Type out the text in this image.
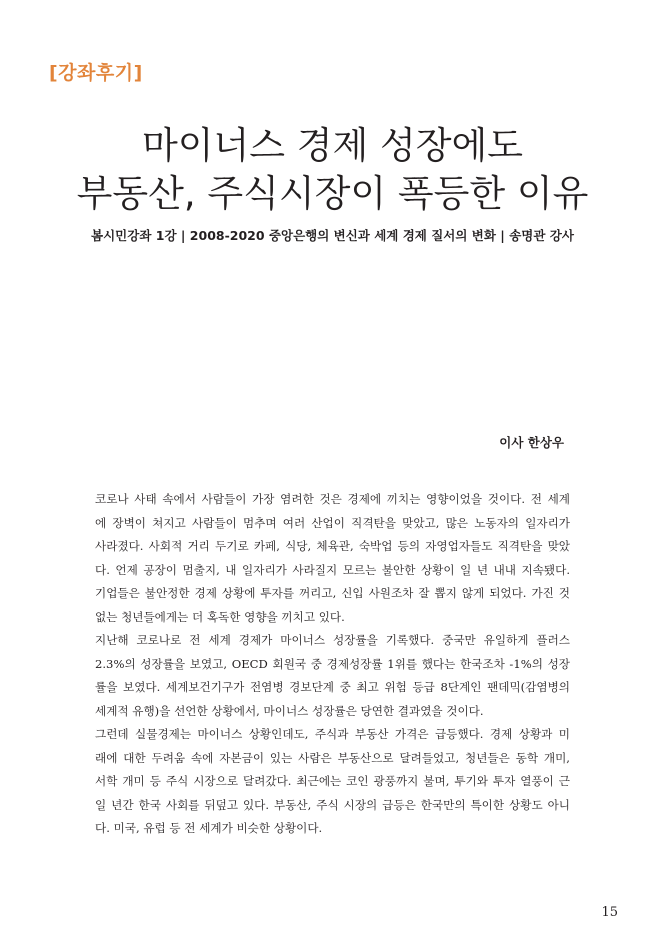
[강좌후기]
마이너스 경제 성장에도
부동산, 주식시장이 폭등한 이유
봄시민강좌 1강 | 2008-2020 중앙은행의 변신과 세계 경제 질서의 변화 | 송명관 강사
이사 한상우
코로나 사태 속에서 사람들이 가장 염려한 것은 경제에 끼치는 영향이었을 것이다. 전 세계
에 장벽이 쳐지고 사람들이 멈추며 여러 산업이 직격탄을 맞았고, 많은 노동자의 일자리가
사라졌다. 사회적 거리 두기로 카페, 식당, 체육관, 숙박업 등의 자영업자들도 직격탄을 맞았
다. 언제 공장이 멈출지, 내 일자리가 사라질지 모르는 불안한 상황이 일 년 내내 지속됐다.
기업들은 불안정한 경제 상황에 투자를 꺼리고, 신입 사원조차 잘 뽑지 않게 되었다. 가진 것
없는 청년들에게는 더 혹독한 영향을 끼치고 있다.
지난해 코로나로 전 세계 경제가 마이너스 성장률을 기록했다. 중국만 유일하게 플러스
2.3%의 성장률을 보였고, OECD 회원국 중 경제성장률 1위를 했다는 한국조차 -1%의 성장
률을 보였다. 세계보건기구가 전염병 경보단계 중 최고 위험 등급 8단계인 팬데믹(감염병의
세계적 유행)을 선언한 상황에서, 마이너스 성장률은 당연한 결과였을 것이다.
그런데 실물경제는 마이너스 상황인데도, 주식과 부동산 가격은 급등했다. 경제 상황과 미
래에 대한 두려움 속에 자본금이 있는 사람은 부동산으로 달려들었고, 청년들은 동학 개미,
서학 개미 등 주식 시장으로 달려갔다. 최근에는 코인 광풍까지 불며, 투기와 투자 열풍이 근
일 년간 한국 사회를 뒤덮고 있다. 부동산, 주식 시장의 급등은 한국만의 특이한 상황도 아니
다. 미국, 유럽 등 전 세계가 비슷한 상황이다.
15
